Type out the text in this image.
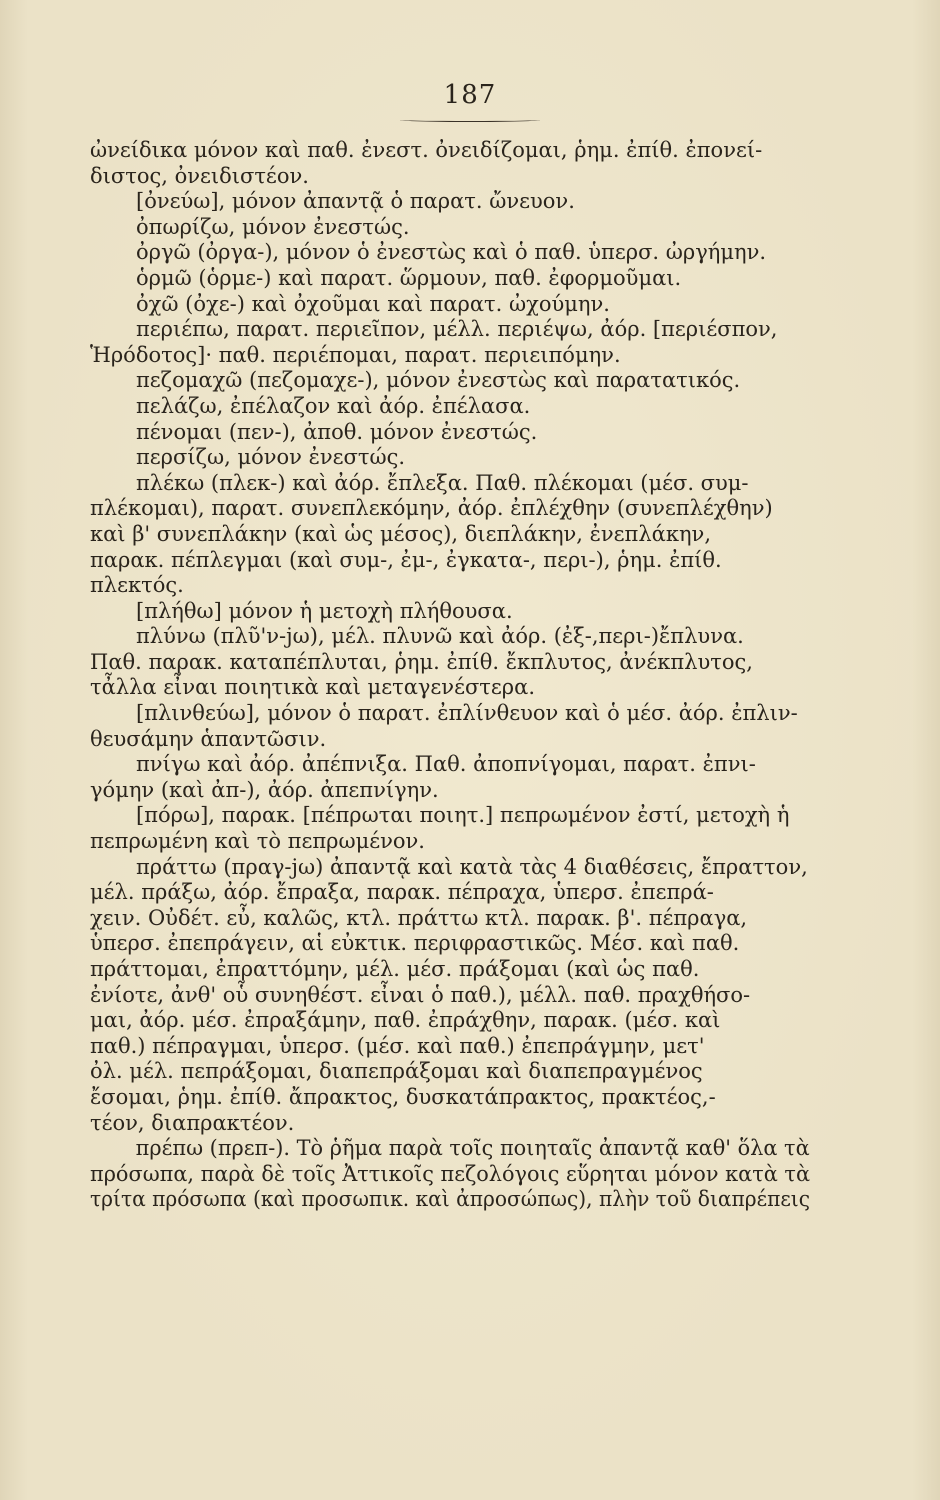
187
ὠνείδικα μόνον καὶ παθ. ἐνεστ. ὀνειδίζομαι, ῥημ. ἐπίθ. ἐπονεί-
διστος, ὀνειδιστέον.
[ὀνεύω], μόνον ἀπαντᾷ ὁ παρατ. ὤνευον.
ὀπωρίζω, μόνον ἐνεστώς.
ὀργῶ (ὀργα-), μόνον ὁ ἐνεστὼς καὶ ὁ παθ. ὑπερσ. ὠργήμην.
ὁρμῶ (ὁρμε-) καὶ παρατ. ὥρμουν, παθ. ἐφορμοῦμαι.
ὀχῶ (ὀχε-) καὶ ὀχοῦμαι καὶ παρατ. ὠχούμην.
περιέπω, παρατ. περιεῖπον, μέλλ. περιέψω, ἀόρ. [περιέσπον,
Ἡρόδοτος]· παθ. περιέπομαι, παρατ. περιειπόμην.
πεζομαχῶ (πεζομαχε-), μόνον ἐνεστὼς καὶ παρατατικός.
πελάζω, ἐπέλαζον καὶ ἀόρ. ἐπέλασα.
πένομαι (πεν-), ἀποθ. μόνον ἐνεστώς.
περσίζω, μόνον ἐνεστώς.
πλέκω (πλεκ-) καὶ ἀόρ. ἔπλεξα. Παθ. πλέκομαι (μέσ. συμ-
πλέκομαι), παρατ. συνεπλεκόμην, ἀόρ. ἐπλέχθην (συνεπλέχθην)
καὶ β' συνεπλάκην (καὶ ὡς μέσος), διεπλάκην, ἐνεπλάκην,
παρακ. πέπλεγμαι (καὶ συμ-, ἐμ-, ἐγκατα-, περι-), ῥημ. ἐπίθ.
πλεκτός.
[πλήθω] μόνον ἡ μετοχὴ πλήθουσα.
πλύνω (πλῦ'ν-jω), μέλ. πλυνῶ καὶ ἀόρ. (ἐξ-,περι-)ἔπλυνα.
Παθ. παρακ. καταπέπλυται, ῥημ. ἐπίθ. ἔκπλυτος, ἀνέκπλυτος,
τἆλλα εἶναι ποιητικὰ καὶ μεταγενέστερα.
[πλινθεύω], μόνον ὁ παρατ. ἐπλίνθευον καὶ ὁ μέσ. ἀόρ. ἐπλιν-
θευσάμην ἁπαντῶσιν.
πνίγω καὶ ἀόρ. ἀπέπνιξα. Παθ. ἀποπνίγομαι, παρατ. ἐπνι-
γόμην (καὶ ἀπ-), ἀόρ. ἀπεπνίγην.
[πόρω], παρακ. [πέπρωται ποιητ.] πεπρωμένον ἐστί, μετοχὴ ἡ
πεπρωμένη καὶ τὸ πεπρωμένον.
πράττω (πραγ-jω) ἀπαντᾷ καὶ κατὰ τὰς 4 διαθέσεις, ἔπραττον,
μέλ. πράξω, ἀόρ. ἔπραξα, παρακ. πέπραχα, ὑπερσ. ἐπεπρά-
χειν. Οὐδέτ. εὖ, καλῶς, κτλ. πράττω κτλ. παρακ. β'. πέπραγα,
ὑπερσ. ἐπεπράγειν, αἱ εὐκτικ. περιφραστικῶς. Μέσ. καὶ παθ.
πράττομαι, ἐπραττόμην, μέλ. μέσ. πράξομαι (καὶ ὡς παθ.
ἐνίοτε, ἀνθ' οὗ συνηθέστ. εἶναι ὁ παθ.), μέλλ. παθ. πραχθήσο-
μαι, ἀόρ. μέσ. ἐπραξάμην, παθ. ἐπράχθην, παρακ. (μέσ. καὶ
παθ.) πέπραγμαι, ὑπερσ. (μέσ. καὶ παθ.) ἐπεπράγμην, μετ'
ὀλ. μέλ. πεπράξομαι, διαπεπράξομαι καὶ διαπεπραγμένος
ἔσομαι, ῥημ. ἐπίθ. ἄπρακτος, δυσκατάπρακτος, πρακτέος,-
τέον, διαπρακτέον.
πρέπω (πρεπ-). Τὸ ῥῆμα παρὰ τοῖς ποιηταῖς ἀπαντᾷ καθ' ὅλα τὰ
πρόσωπα, παρὰ δὲ τοῖς Ἀττικοῖς πεζολόγοις εὕρηται μόνον κατὰ τὰ
τρίτα πρόσωπα (καὶ προσωπικ. καὶ ἀπροσώπως), πλὴν τοῦ διαπρέπεις
